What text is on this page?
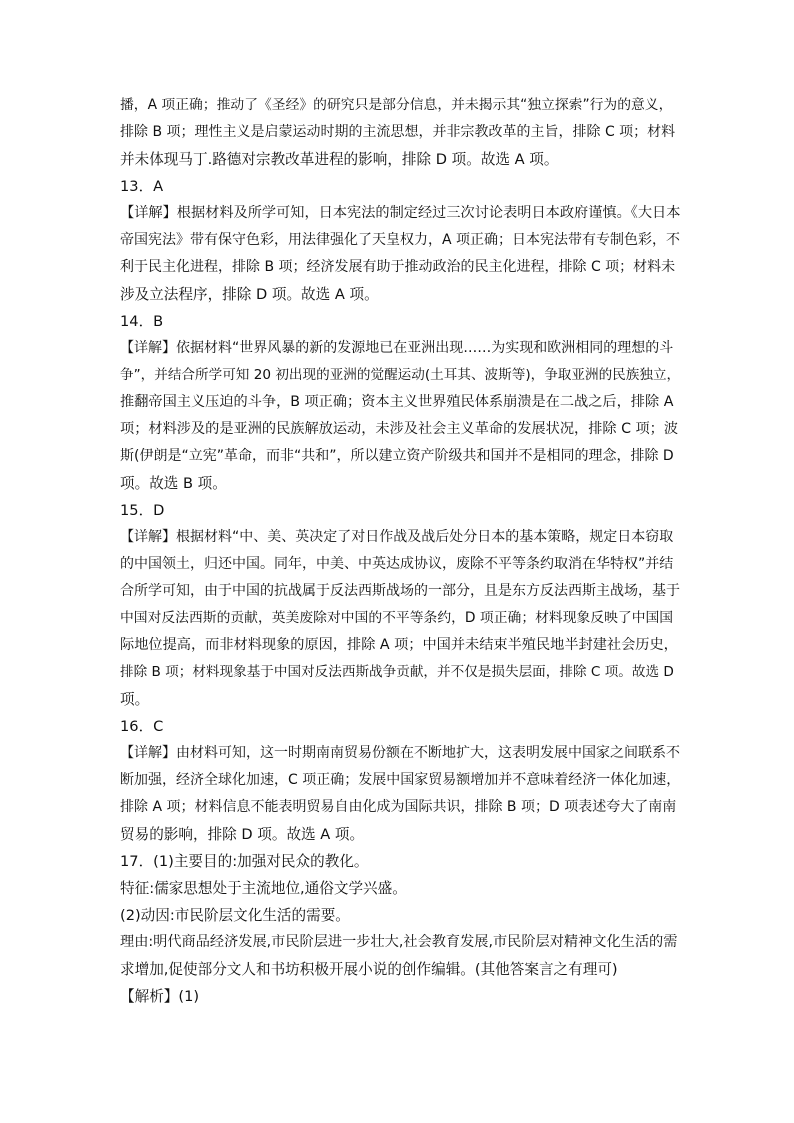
播，A 项正确；推动了《圣经》的研究只是部分信息，并未揭示其“独立探索”行为的意义，
排除 B 项；理性主义是启蒙运动时期的主流思想，并非宗教改革的主旨，排除 C 项；材料
并未体现马丁.路德对宗教改革进程的影响，排除 D 项。故选 A 项。
13．A
【详解】根据材料及所学可知，日本宪法的制定经过三次讨论表明日本政府谨慎。《大日本
帝国宪法》带有保守色彩，用法律强化了天皇权力，A 项正确；日本宪法带有专制色彩，不
利于民主化进程，排除 B 项；经济发展有助于推动政治的民主化进程，排除 C 项；材料未
涉及立法程序，排除 D 项。故选 A 项。
14．B
【详解】依据材料“世界风暴的新的发源地已在亚洲出现……为实现和欧洲相同的理想的斗
争”，并结合所学可知 20 初出现的亚洲的觉醒运动(土耳其、波斯等)，争取亚洲的民族独立，
推翻帝国主义压迫的斗争，B 项正确；资本主义世界殖民体系崩溃是在二战之后，排除 A
项；材料涉及的是亚洲的民族解放运动，未涉及社会主义革命的发展状况，排除 C 项；波
斯(伊朗是“立宪”革命，而非“共和”，所以建立资产阶级共和国并不是相同的理念，排除 D
项。故选 B 项。
15．D
【详解】根据材料“中、美、英决定了对日作战及战后处分日本的基本策略，规定日本窃取
的中国领土，归还中国。同年，中美、中英达成协议，废除不平等条约取消在华特权”并结
合所学可知，由于中国的抗战属于反法西斯战场的一部分，且是东方反法西斯主战场，基于
中国对反法西斯的贡献，英美废除对中国的不平等条约，D 项正确；材料现象反映了中国国
际地位提高，而非材料现象的原因，排除 A 项；中国并未结束半殖民地半封建社会历史，
排除 B 项；材料现象基于中国对反法西斯战争贡献，并不仅是损失层面，排除 C 项。故选 D
项。
16．C
【详解】由材料可知，这一时期南南贸易份额在不断地扩大，这表明发展中国家之间联系不
断加强，经济全球化加速，C 项正确；发展中国家贸易额增加并不意味着经济一体化加速，
排除 A 项；材料信息不能表明贸易自由化成为国际共识，排除 B 项；D 项表述夸大了南南
贸易的影响，排除 D 项。故选 A 项。
17．(1)主要目的:加强对民众的教化。
特征:儒家思想处于主流地位,通俗文学兴盛。
(2)动因:市民阶层文化生活的需要。
理由:明代商品经济发展,市民阶层进一步壮大,社会教育发展,市民阶层对精神文化生活的需
求增加,促使部分文人和书坊积极开展小说的创作编辑。(其他答案言之有理可)
【解析】(1)
